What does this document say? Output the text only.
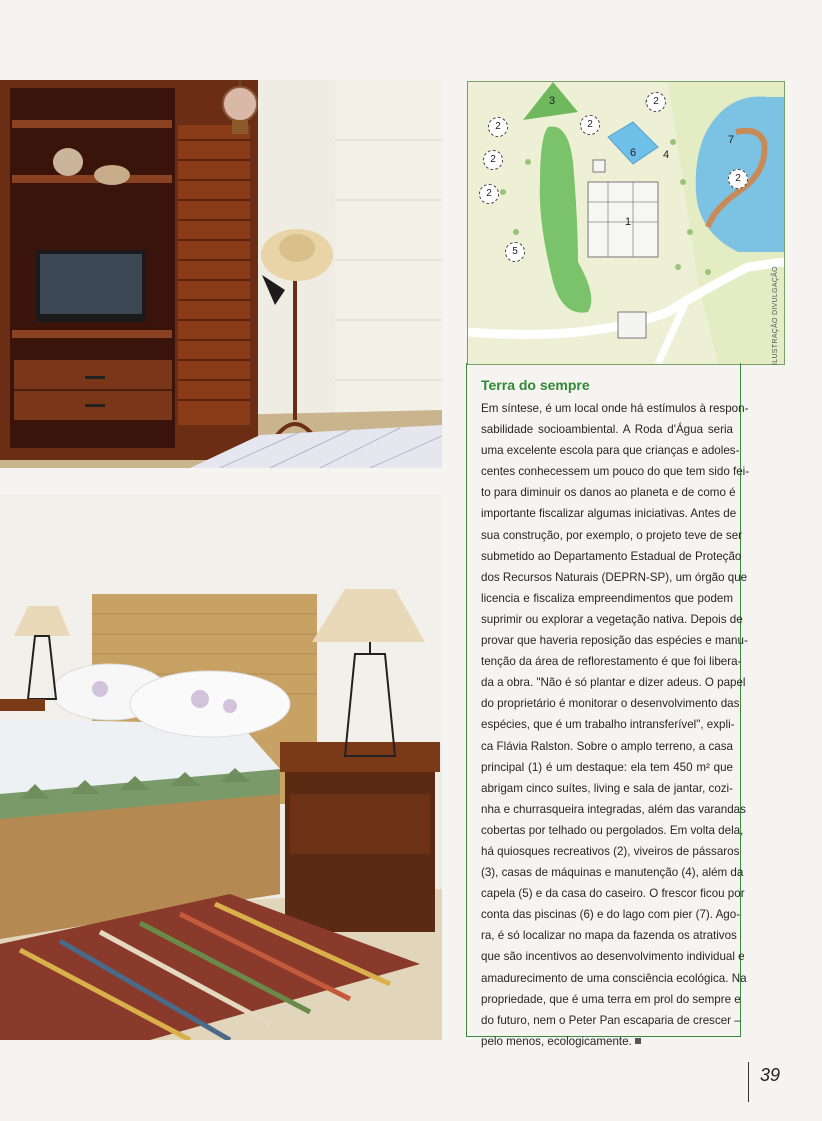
3
2
2
2
2
2
2
5
6 4
7
1
ILUSTRAÇÃO DIVULGAÇÃO
Terra do sempre

Em síntese, é um local onde há estímulos à respon-
sabilidade socioambiental. A Roda d'Água seria
uma excelente escola para que crianças e adoles-
centes conhecessem um pouco do que tem sido fei-
to para diminuir os danos ao planeta e de como é
importante fiscalizar algumas iniciativas. Antes de
sua construção, por exemplo, o projeto teve de ser
submetido ao Departamento Estadual de Proteção
dos Recursos Naturais (DEPRN-SP), um órgão que
licencia e fiscaliza empreendimentos que podem
suprimir ou explorar a vegetação nativa. Depois de
provar que haveria reposição das espécies e manu-
tenção da área de reflorestamento é que foi libera-
da a obra. "Não é só plantar e dizer adeus. O papel
do proprietário é monitorar o desenvolvimento das
espécies, que é um trabalho intransferível", expli-
ca Flávia Ralston. Sobre o amplo terreno, a casa
principal (1) é um destaque: ela tem 450 m² que
abrigam cinco suítes, living e sala de jantar, cozi-
nha e churrasqueira integradas, além das varandas
cobertas por telhado ou pergolados. Em volta dela,
há quiosques recreativos (2), viveiros de pássaros
(3), casas de máquinas e manutenção (4), além da
capela (5) e da casa do caseiro. O frescor ficou por
conta das piscinas (6) e do lago com pier (7). Ago-
ra, é só localizar no mapa da fazenda os atrativos
que são incentivos ao desenvolvimento individual e
amadurecimento de uma consciência ecológica. Na
propriedade, que é uma terra em prol do sempre e
do futuro, nem o Peter Pan escaparia de crescer –
pelo menos, ecologicamente.

39
